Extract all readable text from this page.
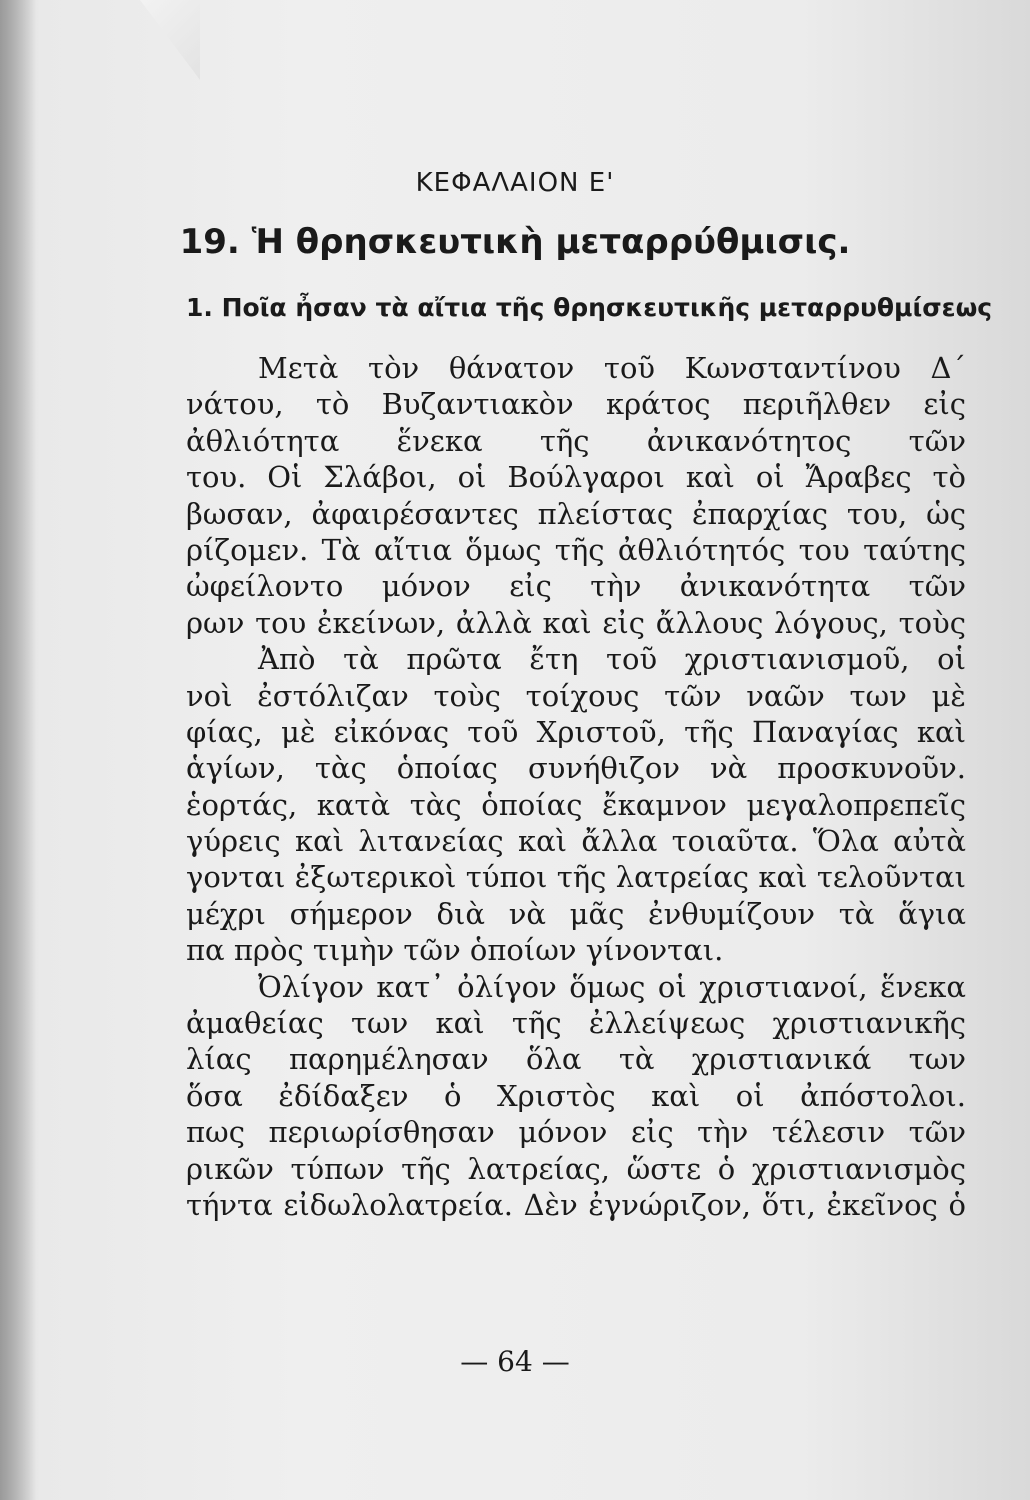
ΚΕΦΑΛΑΙΟΝ Ε'
19. Ἡ θρησκευτικὴ μεταρρύθμισις.
1. Ποῖα ἦσαν τὰ αἴτια τῆς θρησκευτικῆς μεταρρυθμίσεως
Μετὰ τὸν θάνατον τοῦ Κωνσταντίνου Δ΄
νάτου, τὸ Βυζαντιακὸν κράτος περιῆλθεν εἰς
ἀθλιότητα ἕνεκα τῆς ἀνικανότητος τῶν
του. Οἱ Σλάβοι, οἱ Βούλγαροι καὶ οἱ Ἄραβες τὸ
βωσαν, ἀφαιρέσαντες πλείστας ἐπαρχίας του, ὡς
ρίζομεν. Τὰ αἴτια ὅμως τῆς ἀθλιότητός του ταύτης
ὠφείλοντο μόνον εἰς τὴν ἀνικανότητα τῶν
ρων του ἐκείνων, ἀλλὰ καὶ εἰς ἄλλους λόγους, τοὺς
Ἀπὸ τὰ πρῶτα ἔτη τοῦ χριστιανισμοῦ, οἱ
νοὶ ἐστόλιζαν τοὺς τοίχους τῶν ναῶν των μὲ
φίας, μὲ εἰκόνας τοῦ Χριστοῦ, τῆς Παναγίας καὶ
ἁγίων, τὰς ὁποίας συνήθιζον νὰ προσκυνοῦν.
ἑορτάς, κατὰ τὰς ὁποίας ἔκαμνον μεγαλοπρεπεῖς
γύρεις καὶ λιτανείας καὶ ἄλλα τοιαῦτα. Ὅλα αὐτὰ
γονται ἐξωτερικοὶ τύποι τῆς λατρείας καὶ τελοῦνται
μέχρι σήμερον διὰ νὰ μᾶς ἐνθυμίζουν τὰ ἅγια
πα πρὸς τιμὴν τῶν ὁποίων γίνονται.
Ὀλίγον κατ᾽ ὀλίγον ὅμως οἱ χριστιανοί, ἕνεκα
ἀμαθείας των καὶ τῆς ἐλλείψεως χριστιανικῆς
λίας παρημέλησαν ὅλα τὰ χριστιανικά των
ὅσα ἐδίδαξεν ὁ Χριστὸς καὶ οἱ ἀπόστολοι.
πως περιωρίσθησαν μόνον εἰς τὴν τέλεσιν τῶν
ρικῶν τύπων τῆς λατρείας, ὥστε ὁ χριστιανισμὸς
τήντα εἰδωλολατρεία. Δὲν ἐγνώριζον, ὅτι, ἐκεῖνος ὁ
— 64 —
